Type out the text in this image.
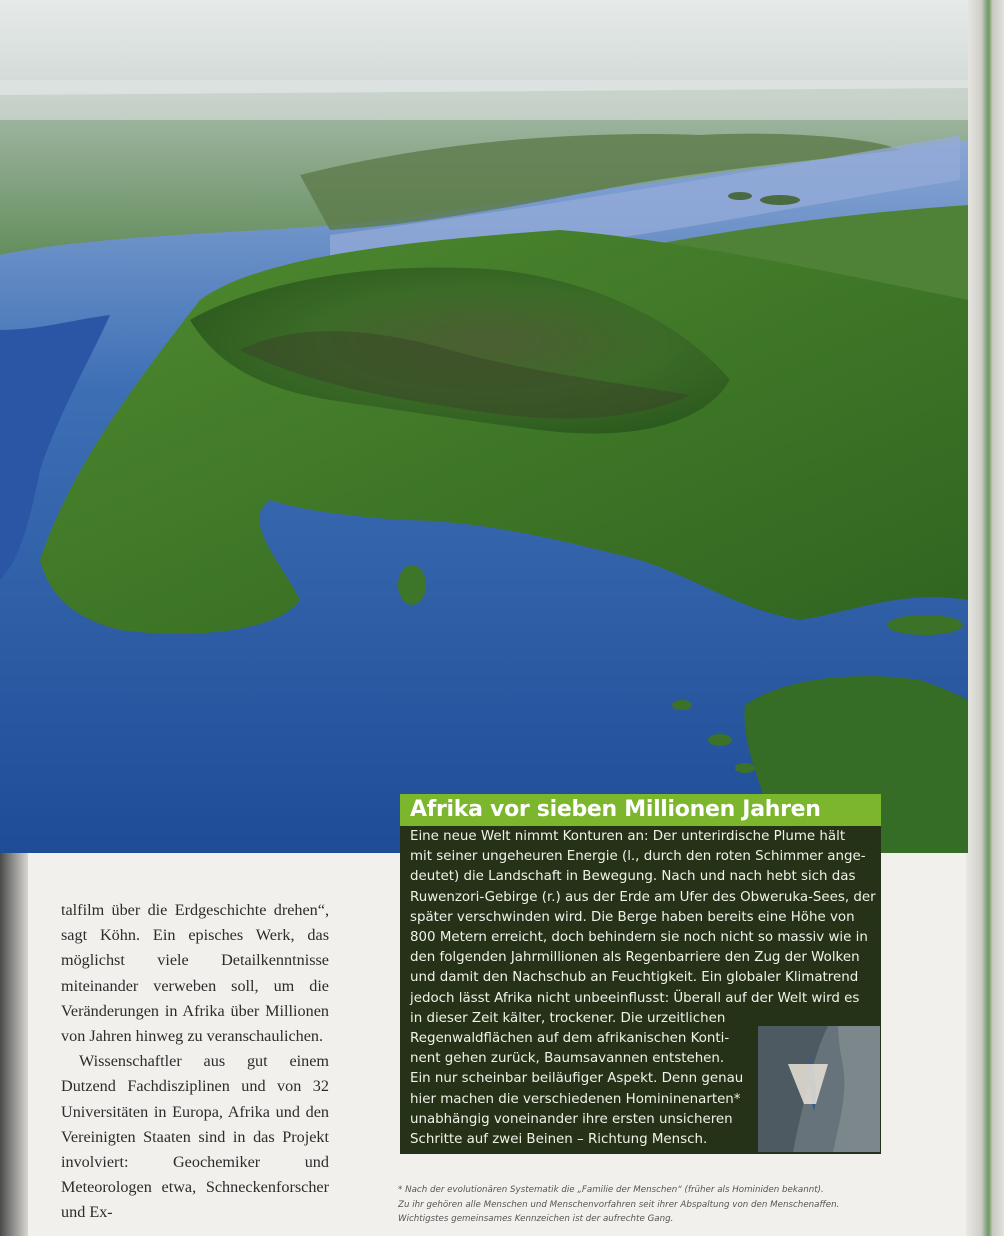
talfilm über die Erdgeschichte drehen“, sagt Köhn. Ein episches Werk, das möglichst viele Detailkenntnisse miteinander verweben soll, um die Veränderungen in Afrika über Millionen von Jahren hinweg zu veranschaulichen.

Wissenschaftler aus gut einem Dutzend Fachdisziplinen und von 32 Universitäten in Europa, Afrika und den Vereinigten Staaten sind in das Projekt involviert: Geochemiker und Meteorologen etwa, Schneckenforscher und Ex-

Afrika vor sieben Millionen Jahren
Eine neue Welt nimmt Konturen an: Der unterirdische Plume hält
mit seiner ungeheuren Energie (l., durch den roten Schimmer ange-
deutet) die Landschaft in Bewegung. Nach und nach hebt sich das
Ruwenzori-Gebirge (r.) aus der Erde am Ufer des Obweruka-Sees, der
später verschwinden wird. Die Berge haben bereits eine Höhe von
800 Metern erreicht, doch behindern sie noch nicht so massiv wie in
den folgenden Jahrmillionen als Regenbarriere den Zug der Wolken
und damit den Nachschub an Feuchtigkeit. Ein globaler Klimatrend
jedoch lässt Afrika nicht unbeeinflusst: Überall auf der Welt wird es
in dieser Zeit kälter, trockener. Die urzeitlichen
Regenwaldflächen auf dem afrikanischen Konti-
nent gehen zurück, Baumsavannen entstehen.
Ein nur scheinbar beiläufiger Aspekt. Denn genau
hier machen die verschiedenen Homininenarten*
unabhängig voneinander ihre ersten unsicheren
Schritte auf zwei Beinen – Richtung Mensch.
* Nach der evolutionären Systematik die „Familie der Menschen“ (früher als Hominiden bekannt).
Zu ihr gehören alle Menschen und Menschenvorfahren seit ihrer Abspaltung von den Menschenaffen.
Wichtigstes gemeinsames Kennzeichen ist der aufrechte Gang.
